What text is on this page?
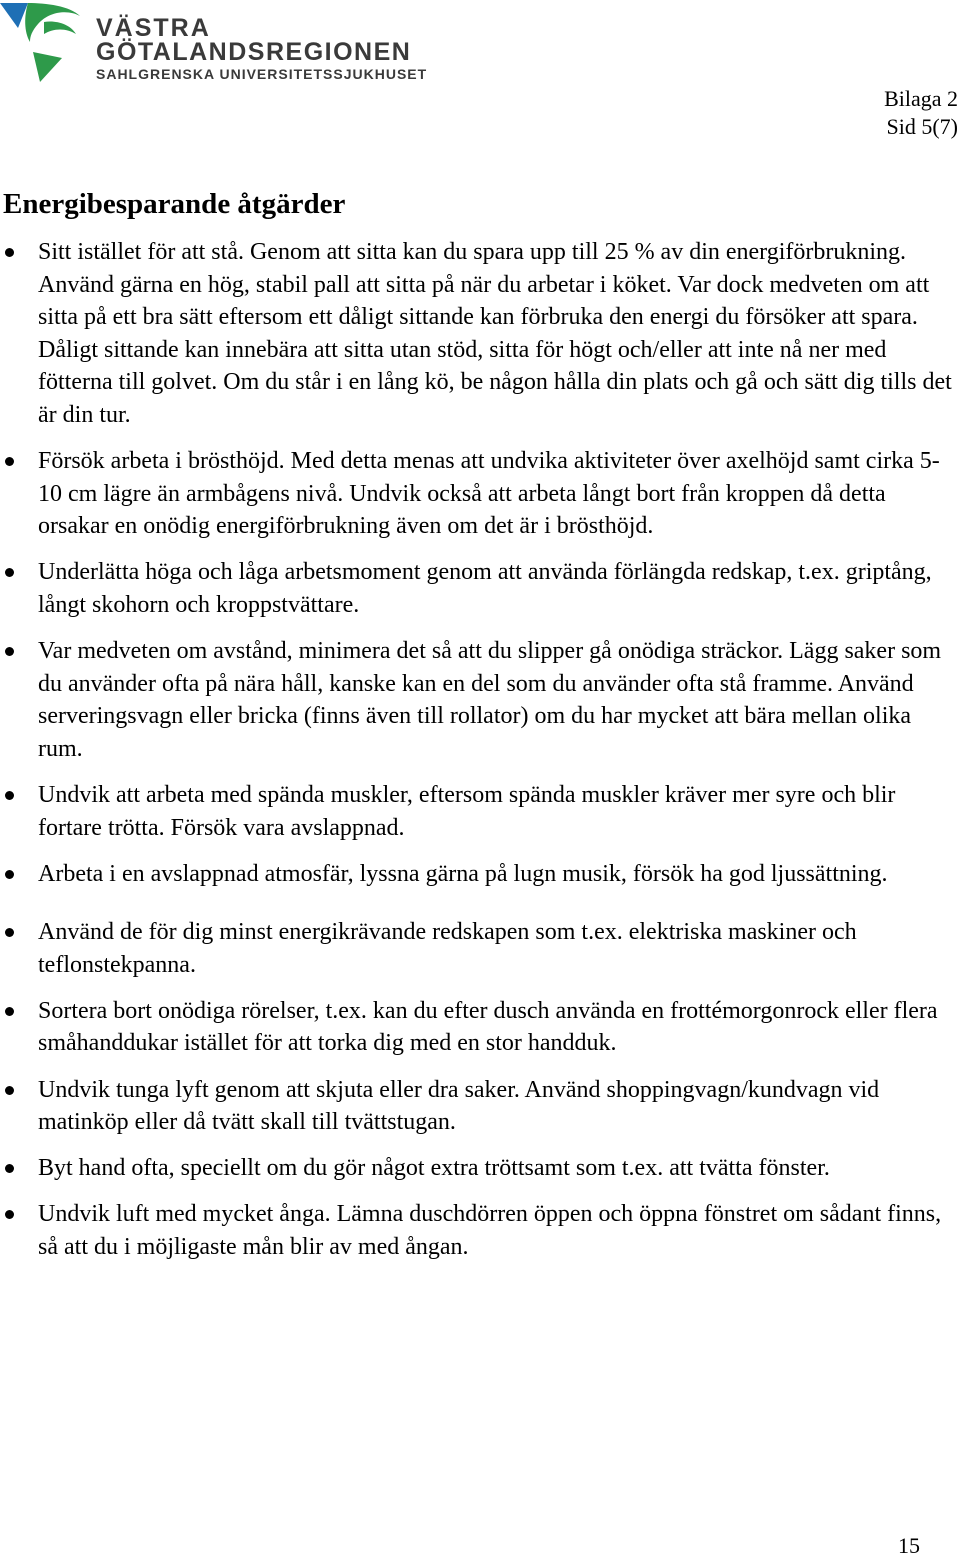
VÄSTRA
GÖTALANDSREGIONEN
SAHLGRENSKA UNIVERSITETSSJUKHUSET
Bilaga 2
Sid 5(7)
Energibesparande åtgärder
Sitt istället för att stå. Genom att sitta kan du spara upp till 25 % av din energiförbrukning. Använd gärna en hög, stabil pall att sitta på när du arbetar i köket. Var dock medveten om att sitta på ett bra sätt eftersom ett dåligt sittande kan förbruka den energi du försöker att spara. Dåligt sittande kan innebära att sitta utan stöd, sitta för högt och/eller att inte nå ner med fötterna till golvet. Om du står i en lång kö, be någon hålla din plats och gå och sätt dig tills det är din tur.
Försök arbeta i brösthöjd. Med detta menas att undvika aktiviteter över axelhöjd samt cirka 5-10 cm lägre än armbågens nivå. Undvik också att arbeta långt bort från kroppen då detta orsakar en onödig energiförbrukning även om det är i brösthöjd.
Underlätta höga och låga arbetsmoment genom att använda förlängda redskap, t.ex. griptång, långt skohorn och kroppstvättare.
Var medveten om avstånd, minimera det så att du slipper gå onödiga sträckor. Lägg saker som du använder ofta på nära håll, kanske kan en del som du använder ofta stå framme. Använd serveringsvagn eller bricka (finns även till rollator) om du har mycket att bära mellan olika rum.
Undvik att arbeta med spända muskler, eftersom spända muskler kräver mer syre och blir fortare trötta. Försök vara avslappnad.
Arbeta i en avslappnad atmosfär, lyssna gärna på lugn musik, försök ha god ljussättning.
Använd de för dig minst energikrävande redskapen som t.ex. elektriska maskiner och teflonstekpanna.
Sortera bort onödiga rörelser, t.ex. kan du efter dusch använda en frottémorgonrock eller flera småhanddukar istället för att torka dig med en stor handduk.
Undvik tunga lyft genom att skjuta eller dra saker. Använd shoppingvagn/kundvagn vid matinköp eller då tvätt skall till tvättstugan.
Byt hand ofta, speciellt om du gör något extra tröttsamt som t.ex. att tvätta fönster.
Undvik luft med mycket ånga. Lämna duschdörren öppen och öppna fönstret om sådant finns, så att du i möjligaste mån blir av med ångan.
15
